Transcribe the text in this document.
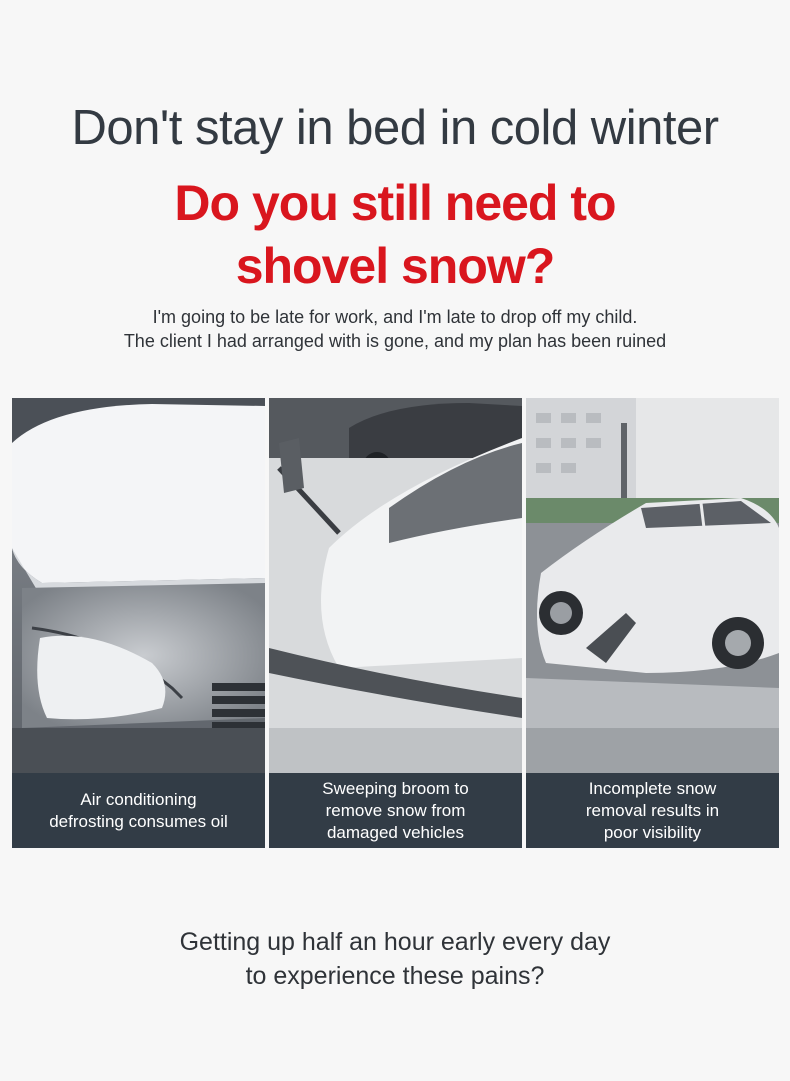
Don't stay in bed in cold winter
Do you still need to
shovel snow?
I'm going to be late for work, and I'm late to drop off my child.
The client I had arranged with is gone, and my plan has been ruined
Air conditioning
defrosting consumes oil
Sweeping broom to
remove snow from
damaged vehicles
Incomplete snow
removal results in
poor visibility
Getting up half an hour early every day
to experience these pains?
